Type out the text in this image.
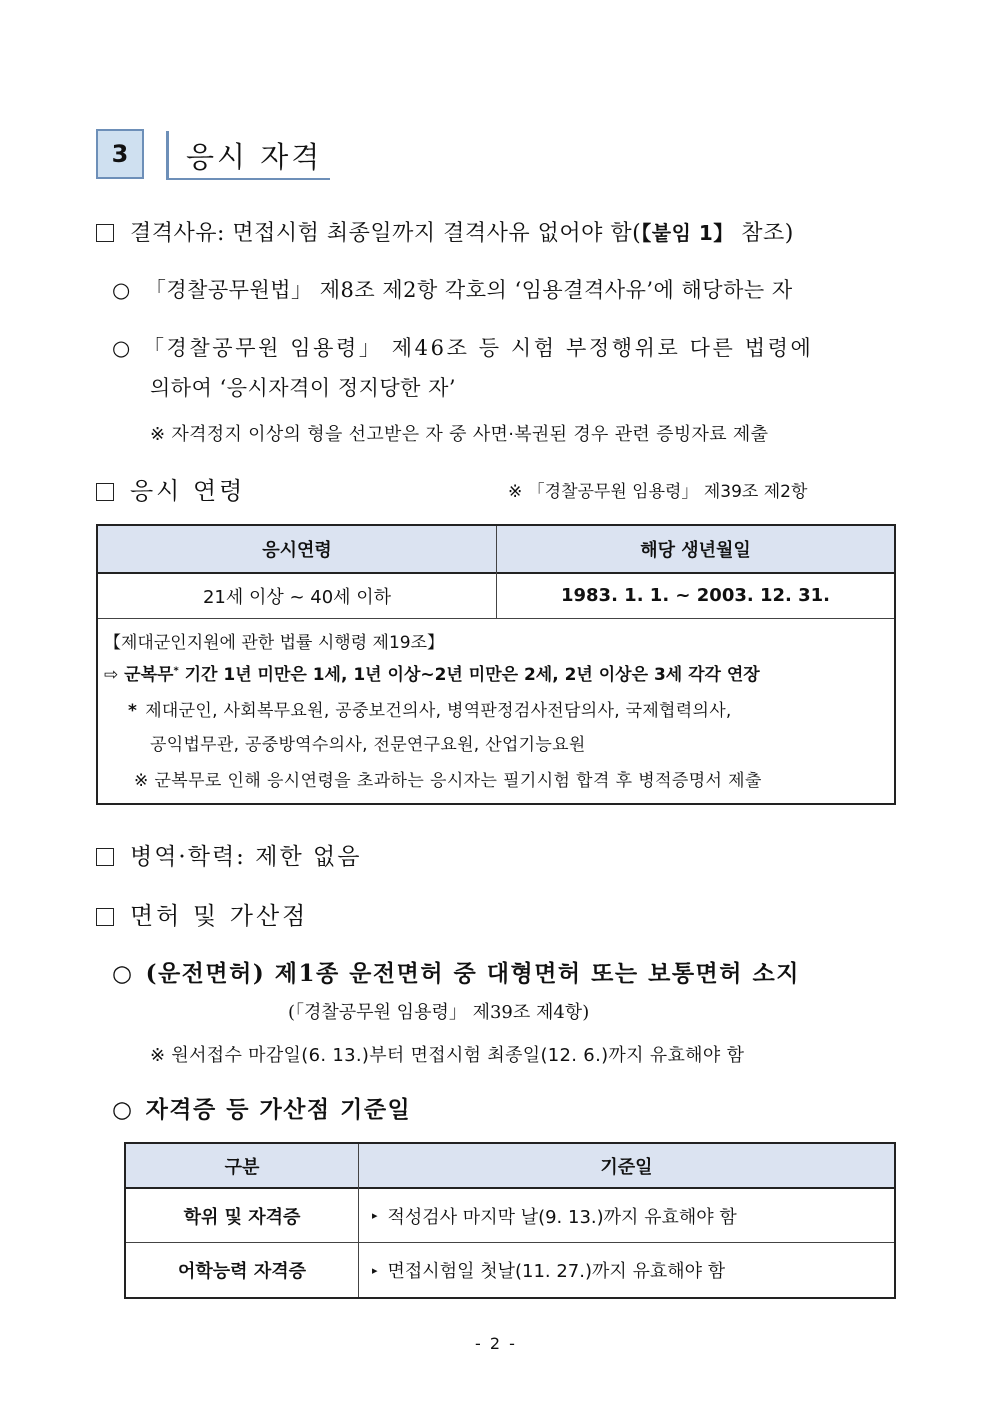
3 응시 자격
결격사유: 면접시험 최종일까지 결격사유 없어야 함(【붙임 1】 참조)
○ 「경찰공무원법」 제8조 제2항 각호의 ‘임용결격사유’에 해당하는 자
○ 「경찰공무원 임용령」 제46조 등 시험 부정행위로 다른 법령에
의하여 ‘응시자격이 정지당한 자’
※ 자격정지 이상의 형을 선고받은 자 중 사면·복권된 경우 관련 증빙자료 제출
응시 연령	※ 「경찰공무원 임용령」 제39조 제2항
응시연령	해당 생년월일
21세 이상 ~ 40세 이하	1983. 1. 1. ~ 2003. 12. 31.
【제대군인지원에 관한 법률 시행령 제19조】
⇨ 군복무* 기간 1년 미만은 1세, 1년 이상~2년 미만은 2세, 2년 이상은 3세 각각 연장
* 제대군인, 사회복무요원, 공중보건의사, 병역판정검사전담의사, 국제협력의사,
공익법무관, 공중방역수의사, 전문연구요원, 산업기능요원
※ 군복무로 인해 응시연령을 초과하는 응시자는 필기시험 합격 후 병적증명서 제출
병역·학력: 제한 없음
면허 및 가산점
○ (운전면허) 제1종 운전면허 중 대형면허 또는 보통면허 소지
(「경찰공무원 임용령」 제39조 제4항)
※ 원서접수 마감일(6. 13.)부터 면접시험 최종일(12. 6.)까지 유효해야 함
○ 자격증 등 가산점 기준일
구분	기준일
학위 및 자격증	▸ 적성검사 마지막 날(9. 13.)까지 유효해야 함
어학능력 자격증	▸ 면접시험일 첫날(11. 27.)까지 유효해야 함
- 2 -
